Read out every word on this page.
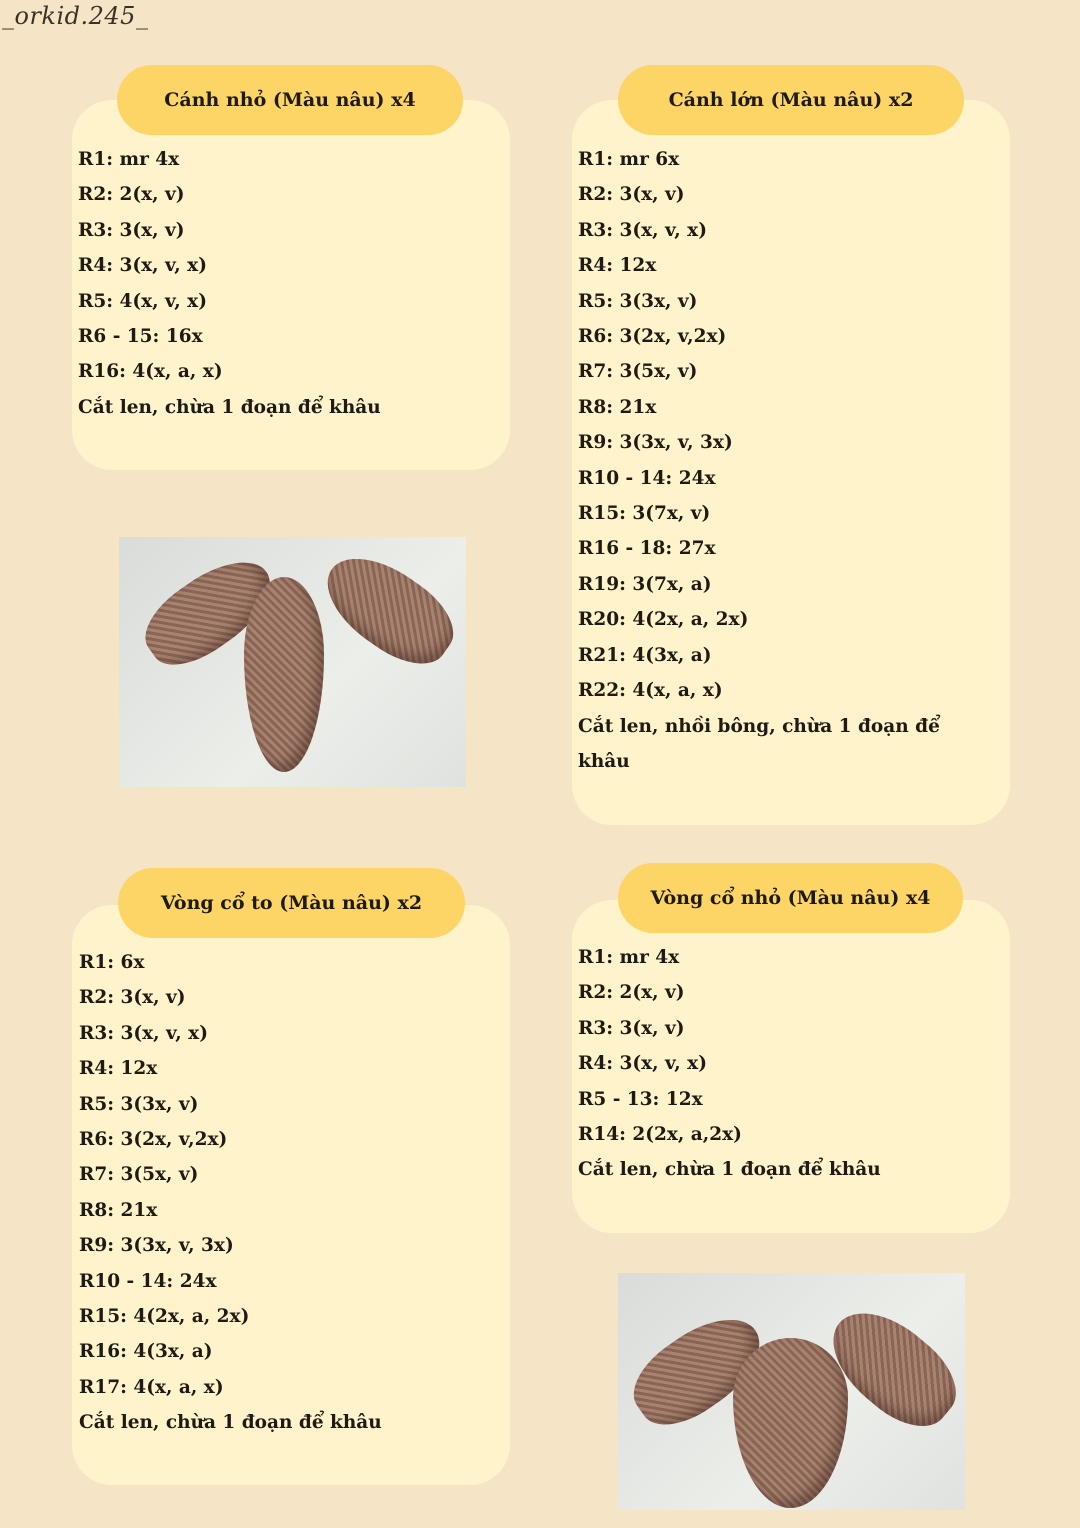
_orkid.245_
Cánh nhỏ (Màu nâu) x4
R1: mr 4x
R2: 2(x, v)
R3: 3(x, v)
R4: 3(x, v, x)
R5: 4(x, v, x)
R6 - 15: 16x
R16: 4(x, a, x)
Cắt len, chừa 1 đoạn để khâu
Cánh lớn (Màu nâu) x2
R1: mr 6x
R2: 3(x, v)
R3: 3(x, v, x)
R4: 12x
R5: 3(3x, v)
R6: 3(2x, v,2x)
R7: 3(5x, v)
R8: 21x
R9: 3(3x, v, 3x)
R10 - 14: 24x
R15: 3(7x, v)
R16 - 18: 27x
R19: 3(7x, a)
R20: 4(2x, a, 2x)
R21: 4(3x, a)
R22: 4(x, a, x)
Cắt len, nhồi bông, chừa 1 đoạn để
khâu
Vòng cổ to (Màu nâu) x2
R1: 6x
R2: 3(x, v)
R3: 3(x, v, x)
R4: 12x
R5: 3(3x, v)
R6: 3(2x, v,2x)
R7: 3(5x, v)
R8: 21x
R9: 3(3x, v, 3x)
R10 - 14: 24x
R15: 4(2x, a, 2x)
R16: 4(3x, a)
R17: 4(x, a, x)
Cắt len, chừa 1 đoạn để khâu
Vòng cổ nhỏ (Màu nâu) x4
R1: mr 4x
R2: 2(x, v)
R3: 3(x, v)
R4: 3(x, v, x)
R5 - 13: 12x
R14: 2(2x, a,2x)
Cắt len, chừa 1 đoạn để khâu
